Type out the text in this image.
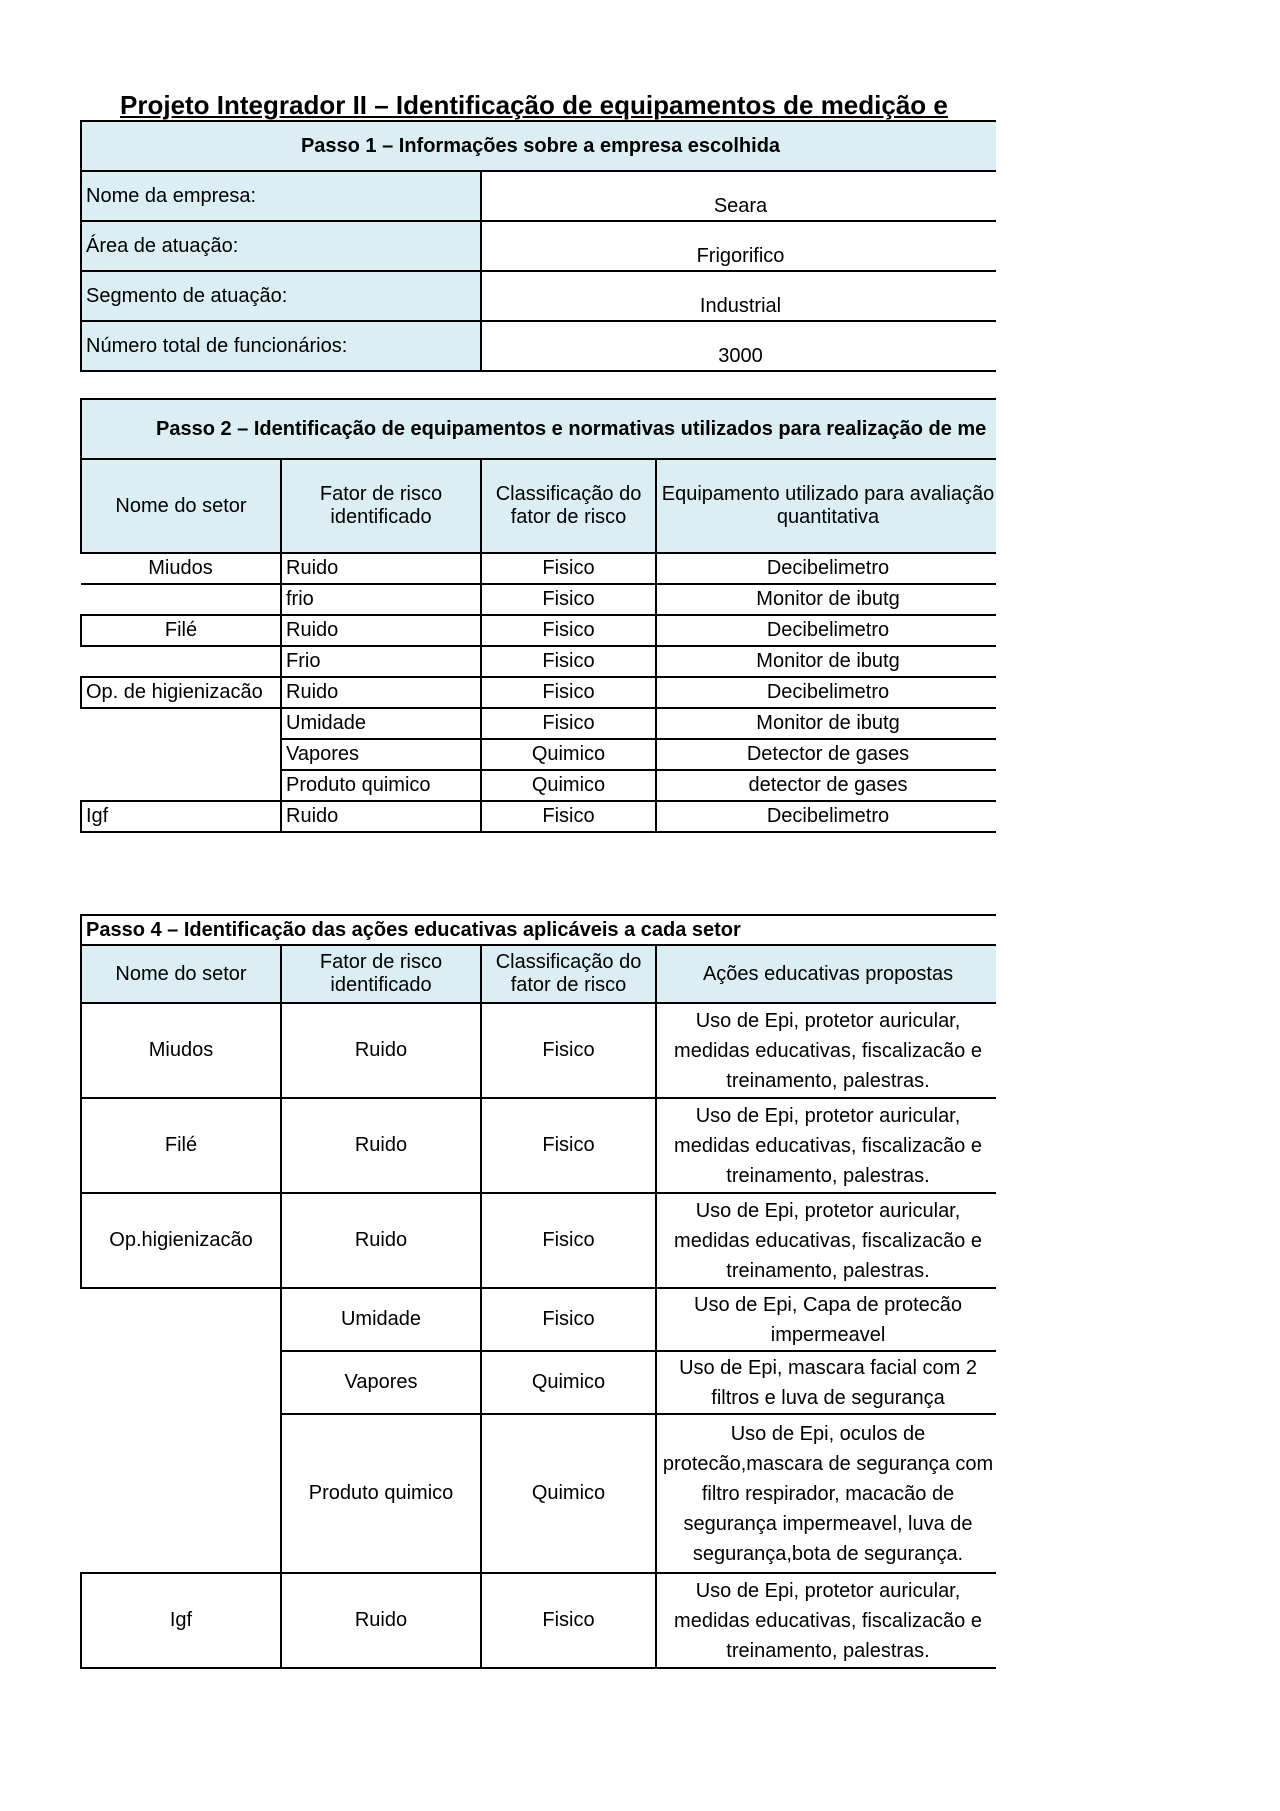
Projeto Integrador II – Identificação de equipamentos de medição e
Passo 1 – Informações sobre a empresa escolhida	
Nome da empresa:	Seara
Área de atuação:	Frigorifico
Segmento de atuação:	Industrial
Número total de funcionários:	3000
Passo 2 – Identificação de equipamentos e normativas utilizados para realização de me			
Nome do setor	Fator de risco identificado	Classificação do fator de risco	Equipamento utilizado para avaliação quantitativa
Miudos	Ruido	Fisico	Decibelimetro
	frio	Fisico	Monitor de ibutg
Filé	Ruido	Fisico	Decibelimetro
	Frio	Fisico	Monitor de ibutg
Op. de higienizacão	Ruido	Fisico	Decibelimetro
	Umidade	Fisico	Monitor de ibutg
	Vapores	Quimico	Detector de gases
	Produto quimico	Quimico	detector de gases
Igf	Ruido	Fisico	Decibelimetro
Passo 4 – Identificação das ações educativas aplicáveis a cada setor			
Nome do setor	Fator de risco identificado	Classificação do fator de risco	Ações educativas propostas
Miudos	Ruido	Fisico	Uso de Epi, protetor auricular, medidas educativas, fiscalizacão e treinamento, palestras.
Filé	Ruido	Fisico	Uso de Epi, protetor auricular, medidas educativas, fiscalizacão e treinamento, palestras.
Op.higienizacão	Ruido	Fisico	Uso de Epi, protetor auricular, medidas educativas, fiscalizacão e treinamento, palestras.
	Umidade	Fisico	Uso de Epi, Capa de protecão impermeavel
	Vapores	Quimico	Uso de Epi, mascara facial com 2 filtros e luva de segurança
	Produto quimico	Quimico	Uso de Epi, oculos de protecão,mascara de segurança com filtro respirador, macacão de segurança impermeavel, luva de segurança,bota de segurança.
Igf	Ruido	Fisico	Uso de Epi, protetor auricular, medidas educativas, fiscalizacão e treinamento, palestras.
